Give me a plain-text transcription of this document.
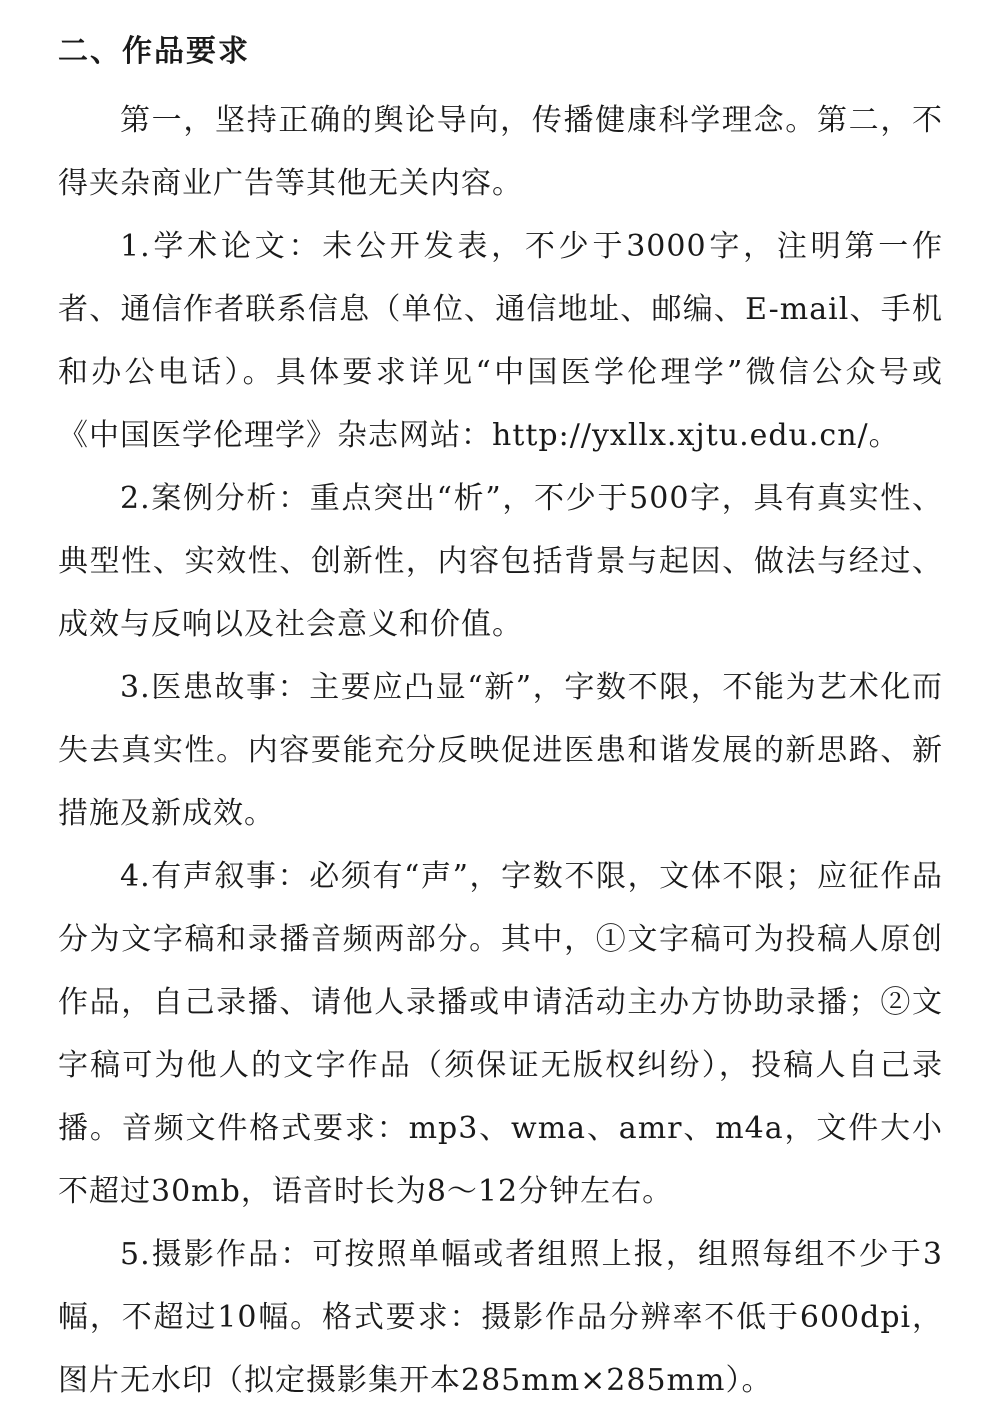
二、作品要求

第一，坚持正确的舆论导向，传播健康科学理念。第二，不得夹杂商业广告等其他无关内容。

1.学术论文：未公开发表，不少于3000字，注明第一作者、通信作者联系信息（单位、通信地址、邮编、E-mail、手机和办公电话）。具体要求详见“中国医学伦理学”微信公众号或《中国医学伦理学》杂志网站：http://yxllx.xjtu.edu.cn/。

2.案例分析：重点突出“析”，不少于500字，具有真实性、典型性、实效性、创新性，内容包括背景与起因、做法与经过、成效与反响以及社会意义和价值。

3.医患故事：主要应凸显“新”，字数不限，不能为艺术化而失去真实性。内容要能充分反映促进医患和谐发展的新思路、新措施及新成效。

4.有声叙事：必须有“声”，字数不限，文体不限；应征作品分为文字稿和录播音频两部分。其中，①文字稿可为投稿人原创作品，自己录播、请他人录播或申请活动主办方协助录播；②文字稿可为他人的文字作品（须保证无版权纠纷），投稿人自己录播。音频文件格式要求：mp3、wma、amr、m4a，文件大小不超过30mb，语音时长为8～12分钟左右。

5.摄影作品：可按照单幅或者组照上报，组照每组不少于3幅，不超过10幅。格式要求：摄影作品分辨率不低于600dpi，图片无水印（拟定摄影集开本285mm×285mm）。
